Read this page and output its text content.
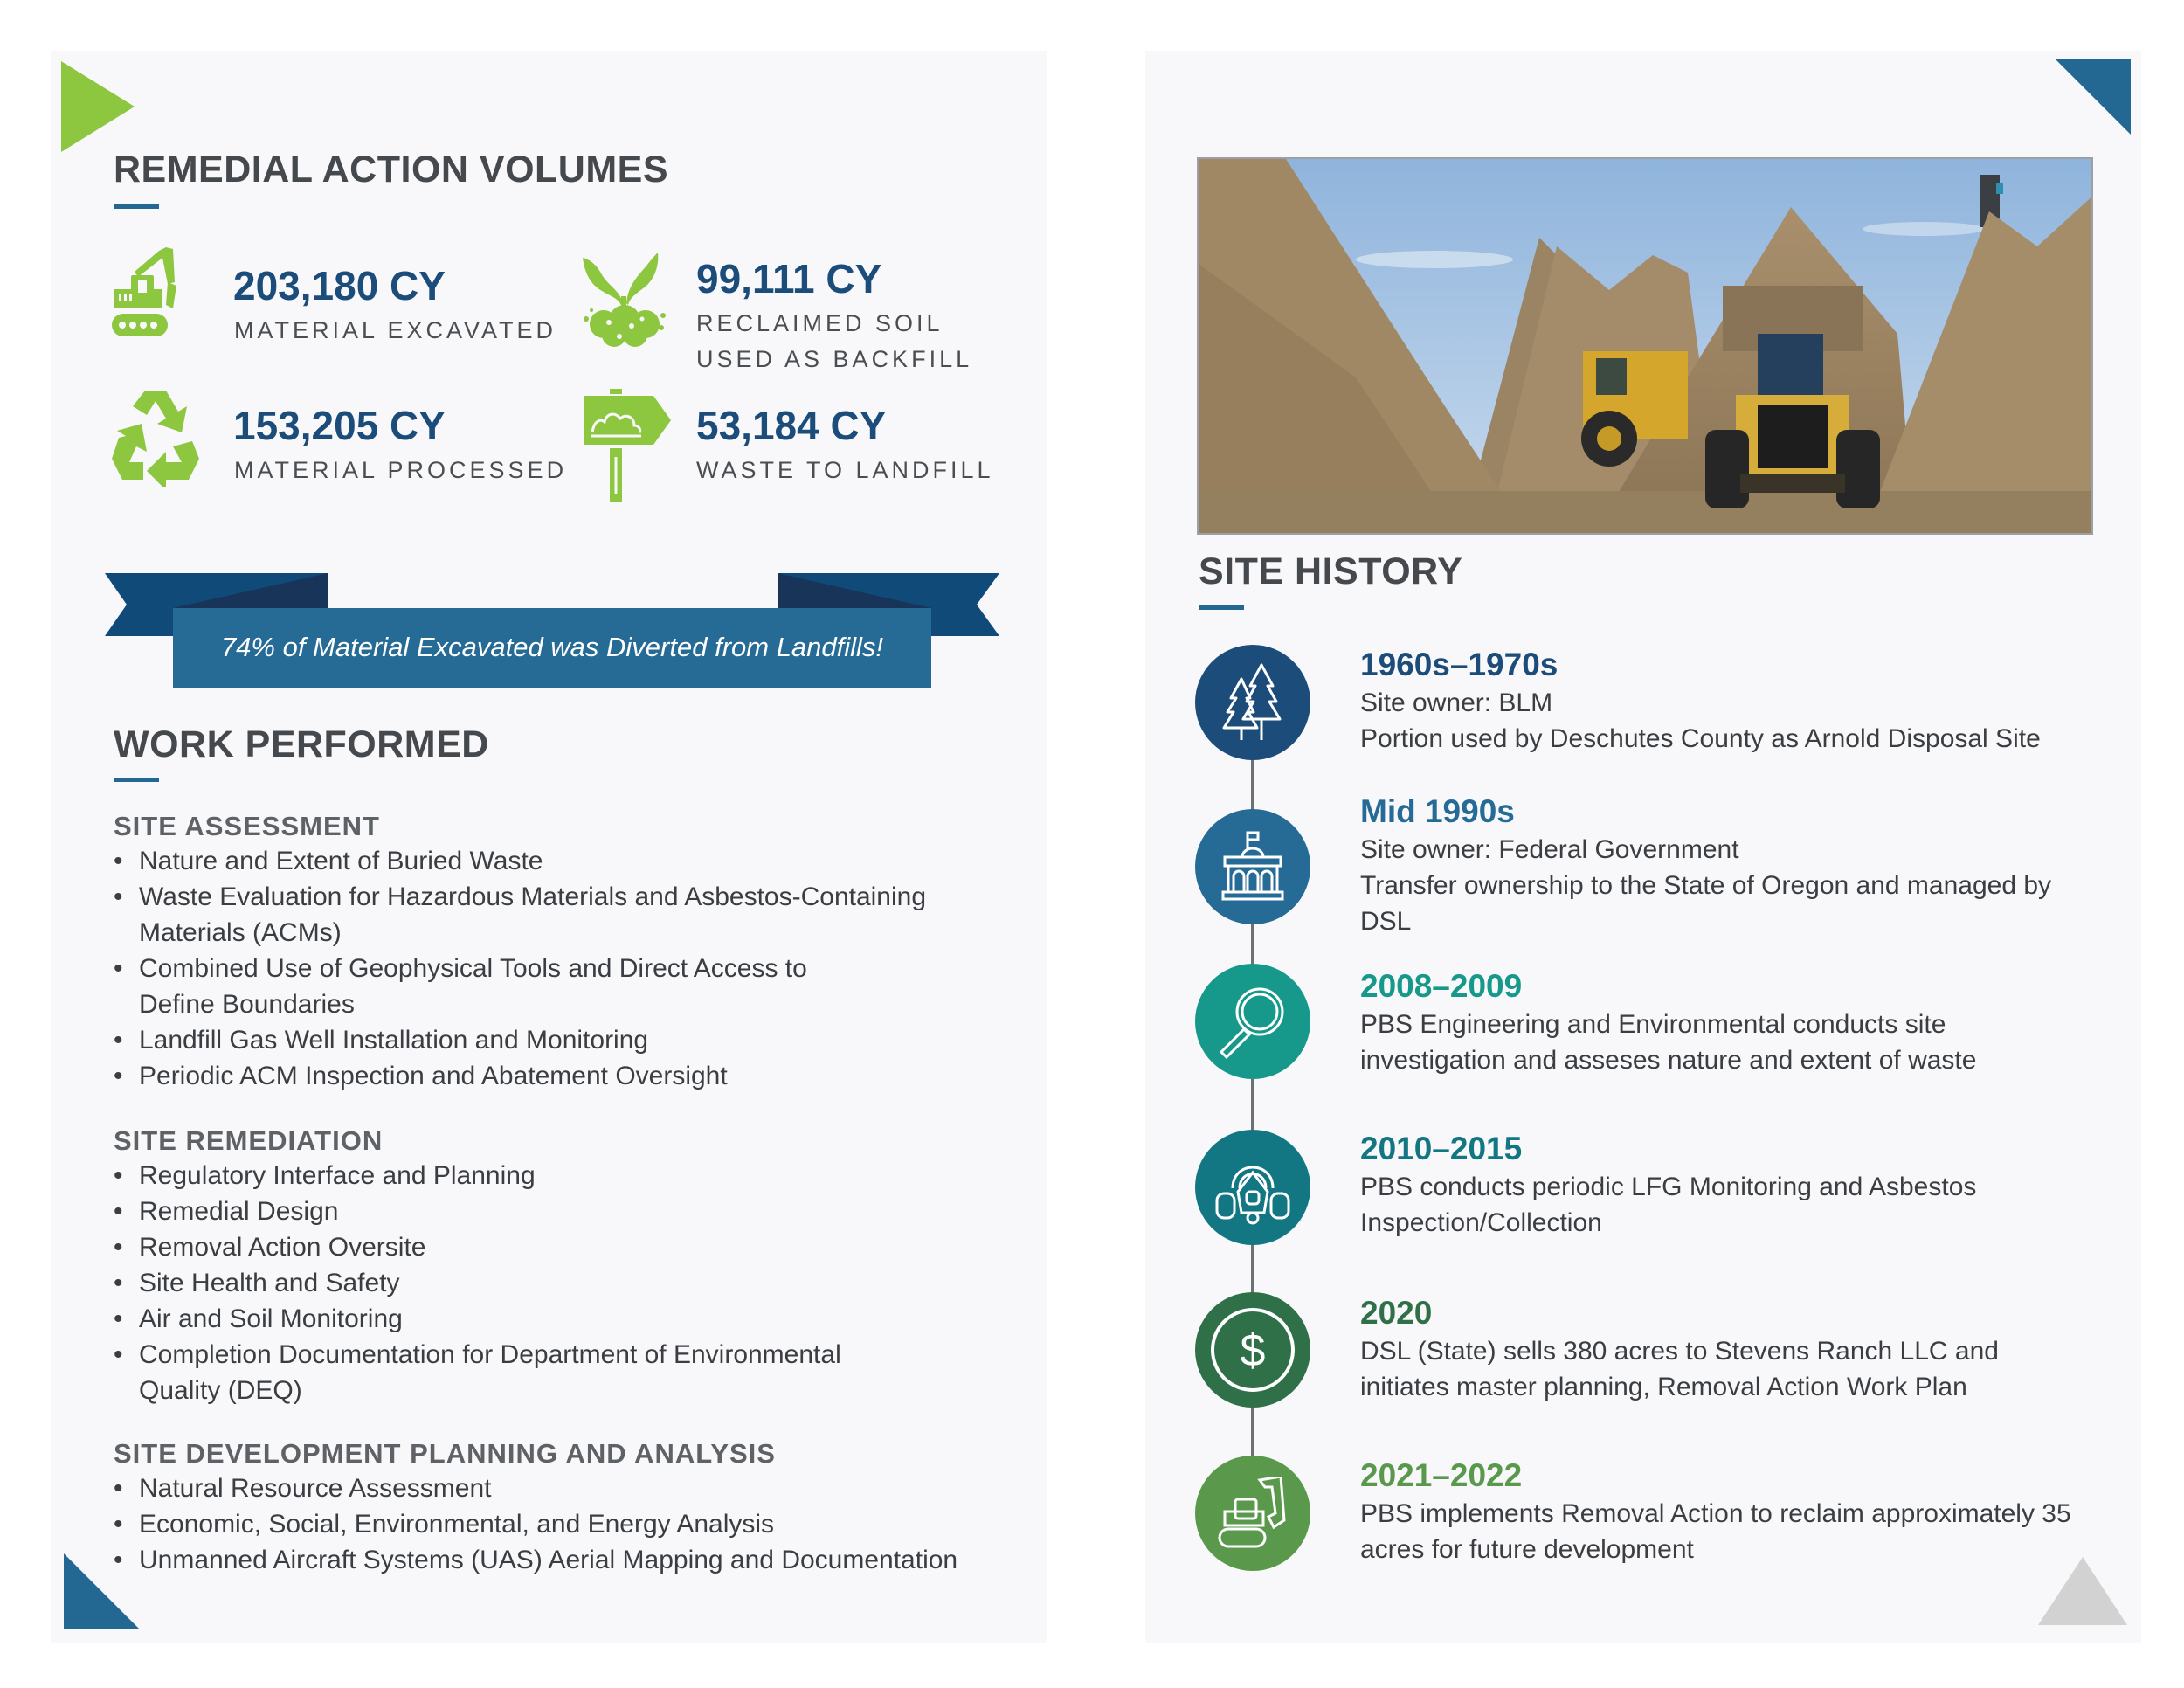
REMEDIAL ACTION VOLUMES
203,180 CY
MATERIAL EXCAVATED
99,111 CY
RECLAIMED SOIL
USED AS BACKFILL
153,205 CY
MATERIAL PROCESSED
53,184 CY
WASTE TO LANDFILL
74% of Material Excavated was Diverted from Landfills!
WORK PERFORMED
SITE ASSESSMENT
• Nature and Extent of Buried Waste
• Waste Evaluation for Hazardous Materials and Asbestos-Containing Materials (ACMs)
• Combined Use of Geophysical Tools and Direct Access to Define Boundaries
• Landfill Gas Well Installation and Monitoring
• Periodic ACM Inspection and Abatement Oversight
SITE REMEDIATION
• Regulatory Interface and Planning
• Remedial Design
• Removal Action Oversite
• Site Health and Safety
• Air and Soil Monitoring
• Completion Documentation for Department of Environmental Quality (DEQ)
SITE DEVELOPMENT PLANNING AND ANALYSIS
• Natural Resource Assessment
• Economic, Social, Environmental, and Energy Analysis
• Unmanned Aircraft Systems (UAS) Aerial Mapping and Documentation
SITE HISTORY
1960s–1970s
Site owner: BLM
Portion used by Deschutes County as Arnold Disposal Site
Mid 1990s
Site owner: Federal Government
Transfer ownership to the State of Oregon and managed by DSL
2008–2009
PBS Engineering and Environmental conducts site investigation and asseses nature and extent of waste
2010–2015
PBS conducts periodic LFG Monitoring and Asbestos Inspection/Collection
$
2020
DSL (State) sells 380 acres to Stevens Ranch LLC and initiates master planning, Removal Action Work Plan
2021–2022
PBS implements Removal Action to reclaim approximately 35 acres for future development
